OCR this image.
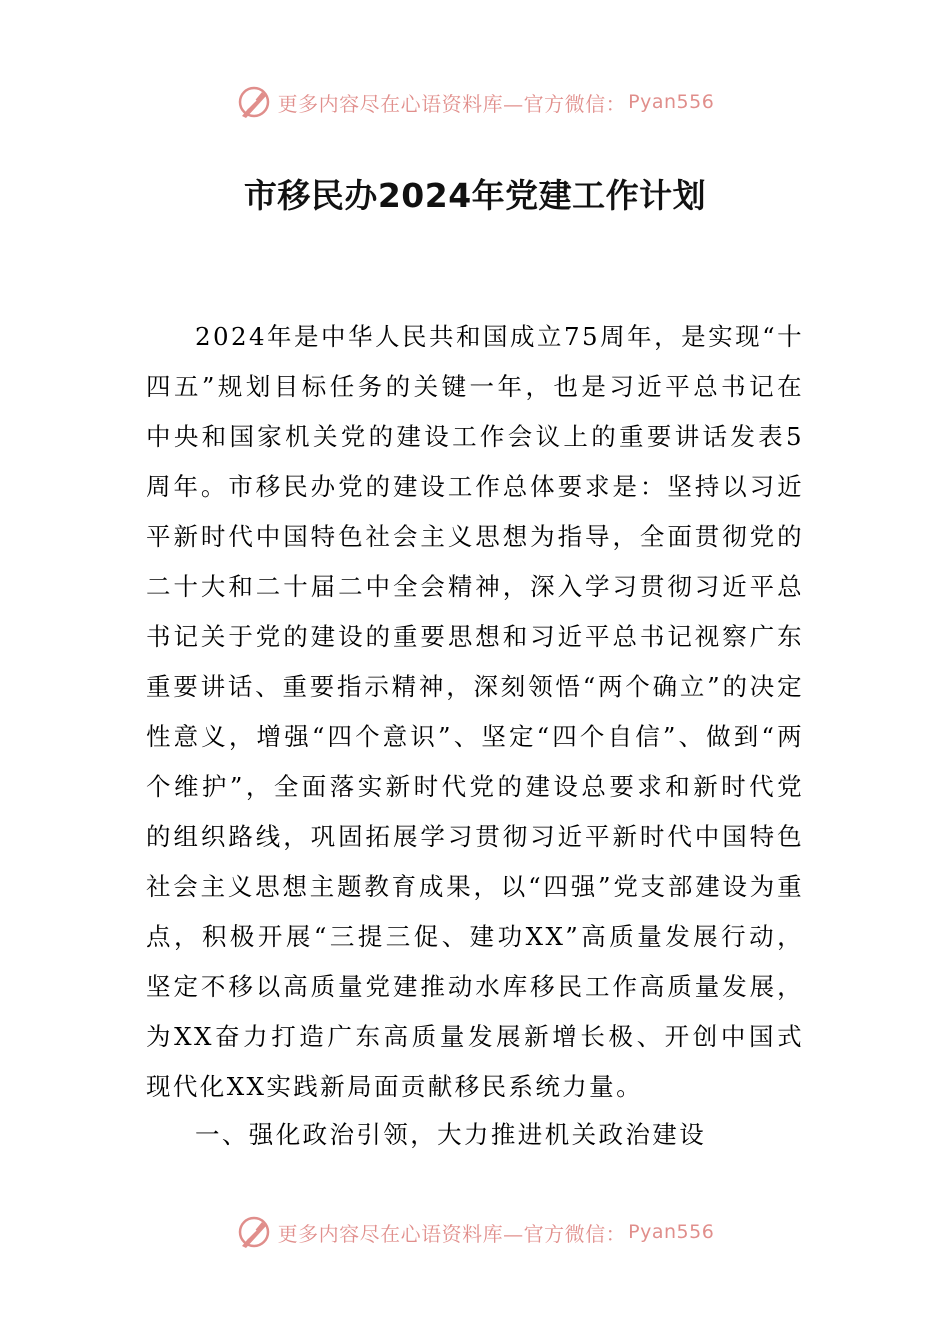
更多内容尽在心语资料库—官方微信： Pyan556
市移民办2024年党建工作计划

2024年是中华人民共和国成立75周年，是实现“十四五”规划目标任务的关键一年，也是习近平总书记在中央和国家机关党的建设工作会议上的重要讲话发表5周年。市移民办党的建设工作总体要求是：坚持以习近平新时代中国特色社会主义思想为指导，全面贯彻党的二十大和二十届二中全会精神，深入学习贯彻习近平总书记关于党的建设的重要思想和习近平总书记视察广东重要讲话、重要指示精神，深刻领悟“两个确立”的决定性意义，增强“四个意识”、坚定“四个自信”、做到“两个维护”，全面落实新时代党的建设总要求和新时代党的组织路线，巩固拓展学习贯彻习近平新时代中国特色社会主义思想主题教育成果，以“四强”党支部建设为重点，积极开展“三提三促、建功XX”高质量发展行动，坚定不移以高质量党建推动水库移民工作高质量发展，为XX奋力打造广东高质量发展新增长极、开创中国式现代化XX实践新局面贡献移民系统力量。

一、强化政治引领，大力推进机关政治建设

更多内容尽在心语资料库—官方微信： Pyan556
